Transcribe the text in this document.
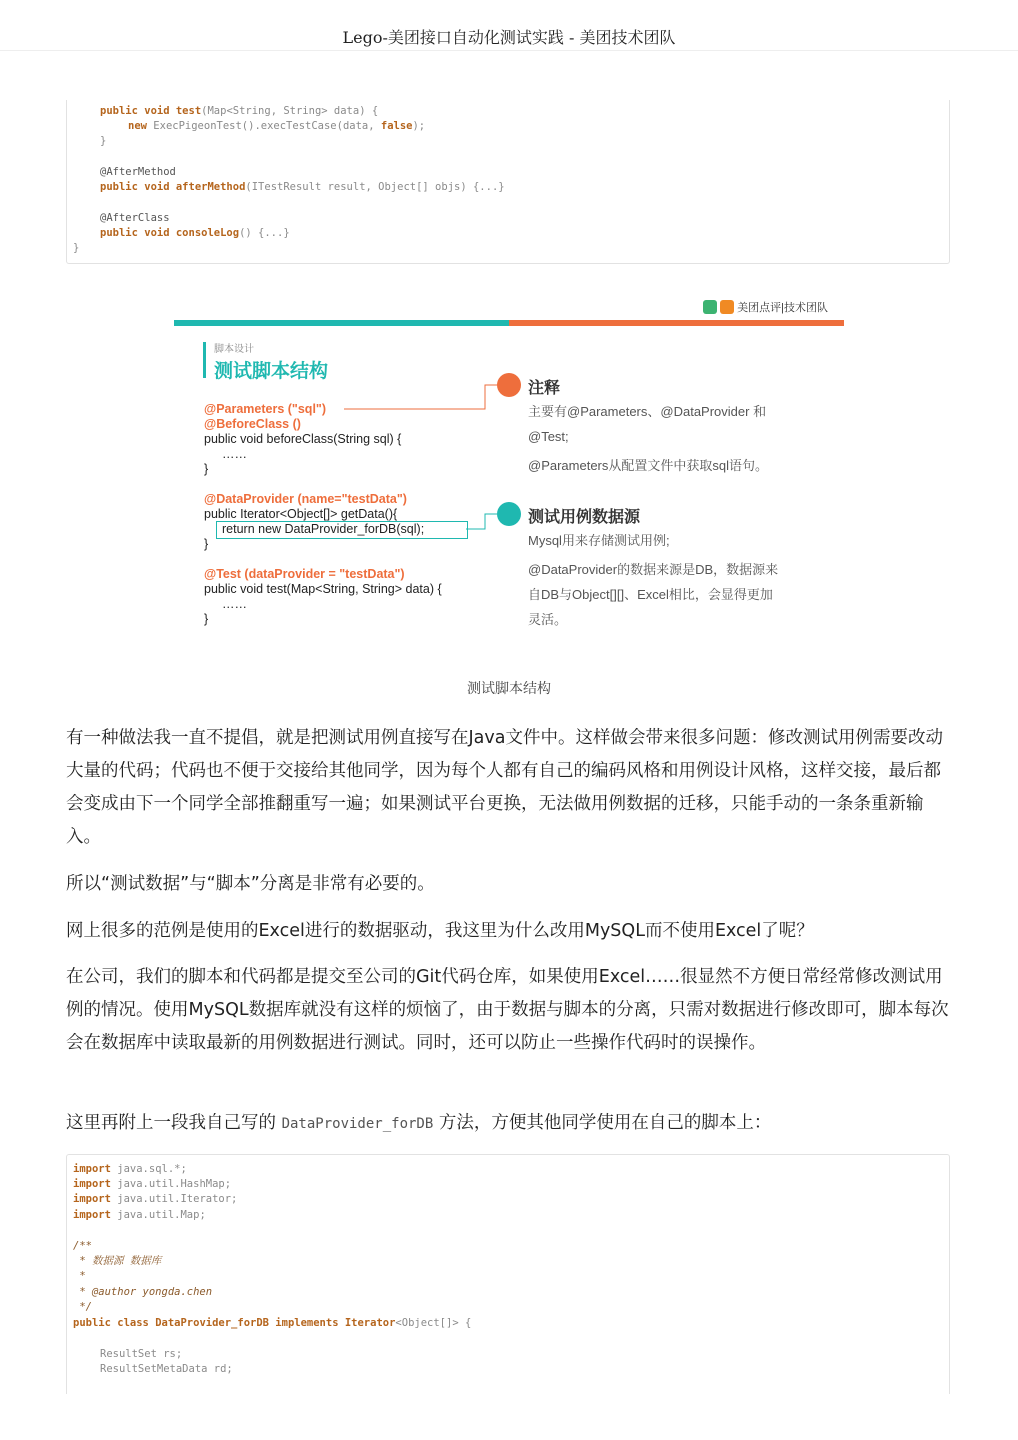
Lego-美团接口自动化测试实践 - 美团技术团队
public void test(Map<String, String> data) {
new ExecPigeonTest().execTestCase(data, false);
}
@AfterMethod
public void afterMethod(ITestResult result, Object[] objs) {...}
@AfterClass
public void consoleLog() {...}
}
美团点评|技术团队
脚本设计
测试脚本结构
@Parameters ("sql")
@BeforeClass ()
public void beforeClass(String sql) {
……
}
@DataProvider (name="testData")
public Iterator<Object[]> getData(){
return new DataProvider_forDB(sql);
}
@Test (dataProvider = "testData")
public void test(Map<String, String> data) {
……
}
注释
主要有@Parameters、@DataProvider 和
@Test;
@Parameters从配置文件中获取sql语句。
测试用例数据源
Mysql用来存储测试用例;
@DataProvider的数据来源是DB，数据源来
自DB与Object[][]、Excel相比，会显得更加
灵活。
测试脚本结构
有一种做法我一直不提倡，就是把测试用例直接写在Java文件中。这样做会带来很多问题：修改测试用例需要改动大量的代码；代码也不便于交接给其他同学，因为每个人都有自己的编码风格和用例设计风格，这样交接，最后都会变成由下一个同学全部推翻重写一遍；如果测试平台更换，无法做用例数据的迁移，只能手动的一条条重新输入。
所以“测试数据”与“脚本”分离是非常有必要的。
网上很多的范例是使用的Excel进行的数据驱动，我这里为什么改用MySQL而不使用Excel了呢？
在公司，我们的脚本和代码都是提交至公司的Git代码仓库，如果使用Excel……很显然不方便日常经常修改测试用例的情况。使用MySQL数据库就没有这样的烦恼了，由于数据与脚本的分离，只需对数据进行修改即可，脚本每次会在数据库中读取最新的用例数据进行测试。同时，还可以防止一些操作代码时的误操作。
这里再附上一段我自己写的 DataProvider_forDB 方法，方便其他同学使用在自己的脚本上：
import java.sql.*;
import java.util.HashMap;
import java.util.Iterator;
import java.util.Map;
/**
* 数据源 数据库
*
* @author yongda.chen
*/
public class DataProvider_forDB implements Iterator<Object[]> {
ResultSet rs;
ResultSetMetaData rd;
